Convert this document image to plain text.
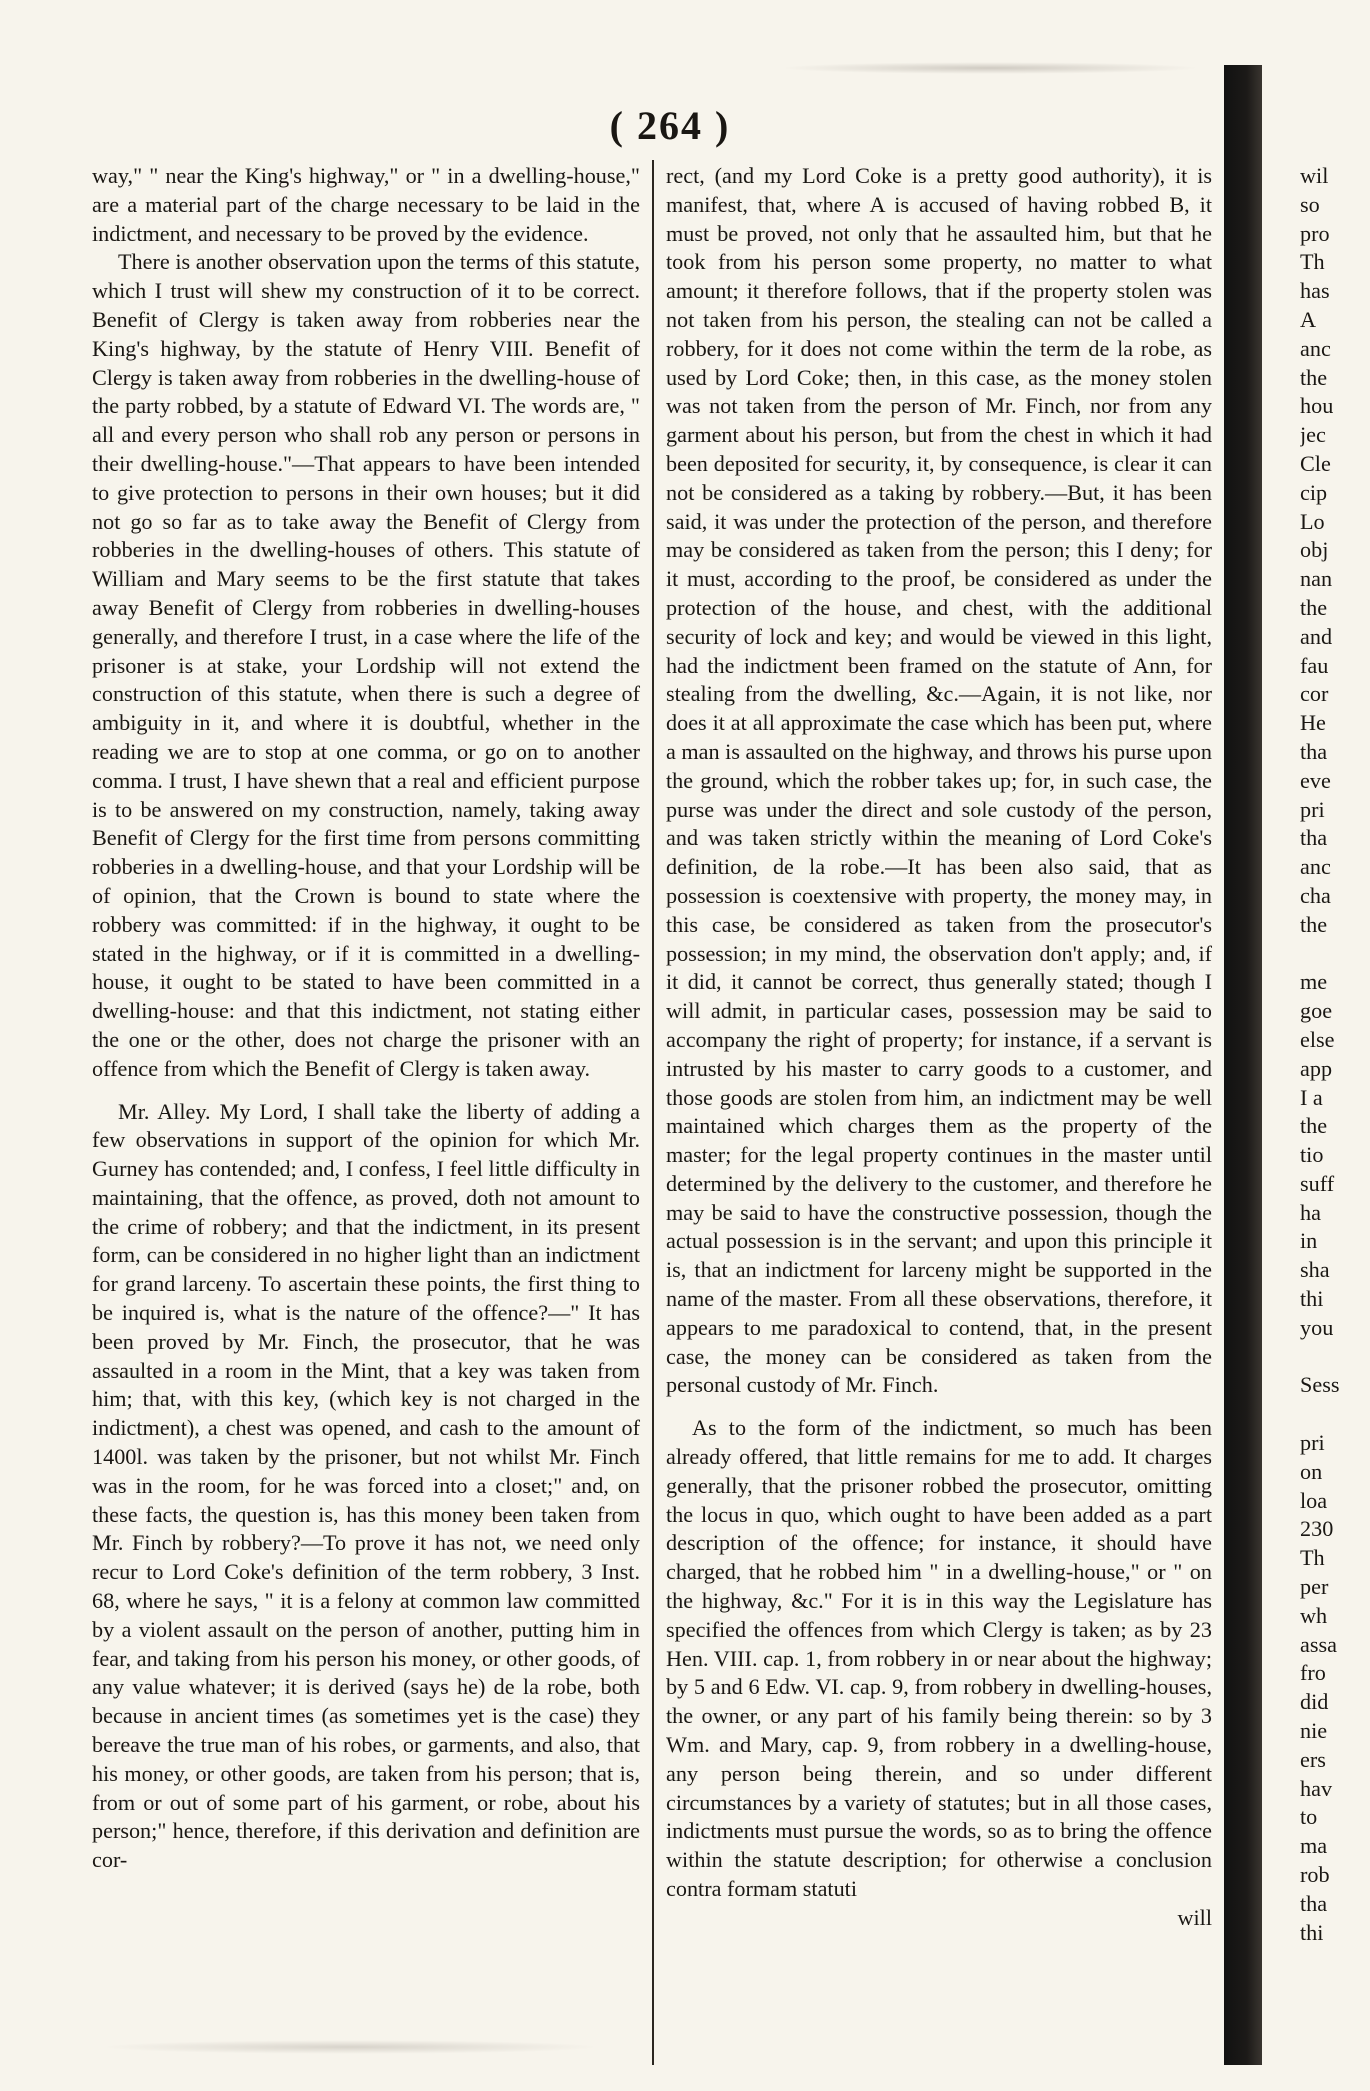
( 264 )

way," " near the King's highway," or " in a dwelling-house," are a material part of the charge necessary to be laid in the indictment, and necessary to be proved by the evidence.

There is another observation upon the terms of this statute, which I trust will shew my construction of it to be correct. Benefit of Clergy is taken away from robberies near the King's highway, by the statute of Henry VIII. Benefit of Clergy is taken away from robberies in the dwelling-house of the party robbed, by a statute of Edward VI. The words are, " all and every person who shall rob any person or persons in their dwelling-house."—That appears to have been intended to give protection to persons in their own houses; but it did not go so far as to take away the Benefit of Clergy from robberies in the dwelling-houses of others. This statute of William and Mary seems to be the first statute that takes away Benefit of Clergy from robberies in dwelling-houses generally, and therefore I trust, in a case where the life of the prisoner is at stake, your Lordship will not extend the construction of this statute, when there is such a degree of ambiguity in it, and where it is doubtful, whether in the reading we are to stop at one comma, or go on to another comma. I trust, I have shewn that a real and efficient purpose is to be answered on my construction, namely, taking away Benefit of Clergy for the first time from persons committing robberies in a dwelling-house, and that your Lordship will be of opinion, that the Crown is bound to state where the robbery was committed: if in the highway, it ought to be stated in the highway, or if it is committed in a dwelling-house, it ought to be stated to have been committed in a dwelling-house: and that this indictment, not stating either the one or the other, does not charge the prisoner with an offence from which the Benefit of Clergy is taken away.

Mr. Alley. My Lord, I shall take the liberty of adding a few observations in support of the opinion for which Mr. Gurney has contended; and, I confess, I feel little difficulty in maintaining, that the offence, as proved, doth not amount to the crime of robbery; and that the indictment, in its present form, can be considered in no higher light than an indictment for grand larceny. To ascertain these points, the first thing to be inquired is, what is the nature of the offence?—" It has been proved by Mr. Finch, the prosecutor, that he was assaulted in a room in the Mint, that a key was taken from him; that, with this key, (which key is not charged in the indictment), a chest was opened, and cash to the amount of 1400l. was taken by the prisoner, but not whilst Mr. Finch was in the room, for he was forced into a closet;" and, on these facts, the question is, has this money been taken from Mr. Finch by robbery?—To prove it has not, we need only recur to Lord Coke's definition of the term robbery, 3 Inst. 68, where he says, " it is a felony at common law committed by a violent assault on the person of another, putting him in fear, and taking from his person his money, or other goods, of any value whatever; it is derived (says he) de la robe, both because in ancient times (as sometimes yet is the case) they bereave the true man of his robes, or garments, and also, that his money, or other goods, are taken from his person; that is, from or out of some part of his garment, or robe, about his person;" hence, therefore, if this derivation and definition are cor-

rect, (and my Lord Coke is a pretty good authority), it is manifest, that, where A is accused of having robbed B, it must be proved, not only that he assaulted him, but that he took from his person some property, no matter to what amount; it therefore follows, that if the property stolen was not taken from his person, the stealing can not be called a robbery, for it does not come within the term de la robe, as used by Lord Coke; then, in this case, as the money stolen was not taken from the person of Mr. Finch, nor from any garment about his person, but from the chest in which it had been deposited for security, it, by consequence, is clear it can not be considered as a taking by robbery.—But, it has been said, it was under the protection of the person, and therefore may be considered as taken from the person; this I deny; for it must, according to the proof, be considered as under the protection of the house, and chest, with the additional security of lock and key; and would be viewed in this light, had the indictment been framed on the statute of Ann, for stealing from the dwelling, &c.—Again, it is not like, nor does it at all approximate the case which has been put, where a man is assaulted on the highway, and throws his purse upon the ground, which the robber takes up; for, in such case, the purse was under the direct and sole custody of the person, and was taken strictly within the meaning of Lord Coke's definition, de la robe.—It has been also said, that as possession is coextensive with property, the money may, in this case, be considered as taken from the prosecutor's possession; in my mind, the observation don't apply; and, if it did, it cannot be correct, thus generally stated; though I will admit, in particular cases, possession may be said to accompany the right of property; for instance, if a servant is intrusted by his master to carry goods to a customer, and those goods are stolen from him, an indictment may be well maintained which charges them as the property of the master; for the legal property continues in the master until determined by the delivery to the customer, and therefore he may be said to have the constructive possession, though the actual possession is in the servant; and upon this principle it is, that an indictment for larceny might be supported in the name of the master. From all these observations, therefore, it appears to me paradoxical to contend, that, in the present case, the money can be considered as taken from the personal custody of Mr. Finch.

As to the form of the indictment, so much has been already offered, that little remains for me to add. It charges generally, that the prisoner robbed the prosecutor, omitting the locus in quo, which ought to have been added as a part description of the offence; for instance, it should have charged, that he robbed him " in a dwelling-house," or " on the highway, &c." For it is in this way the Legislature has specified the offences from which Clergy is taken; as by 23 Hen. VIII. cap. 1, from robbery in or near about the highway; by 5 and 6 Edw. VI. cap. 9, from robbery in dwelling-houses, the owner, or any part of his family being therein: so by 3 Wm. and Mary, cap. 9, from robbery in a dwelling-house, any person being therein, and so under different circumstances by a variety of statutes; but in all those cases, indictments must pursue the words, so as to bring the offence within the statute description; for otherwise a conclusion contra formam statuti

will

wil
so
pro
Th
has
A
anc
the
hou
jec
Cle
cip
Lo
obj
nan
the
and
fau
cor
He
tha
eve
pri
tha
anc
cha
the
me
goe
else
app
I a
the
tio
suff
ha
in
sha
thi
you
Sess
pri
on
loa
230
Th
per
wh
assa
fro
did
nie
ers
hav
to
ma
rob
tha
thi
